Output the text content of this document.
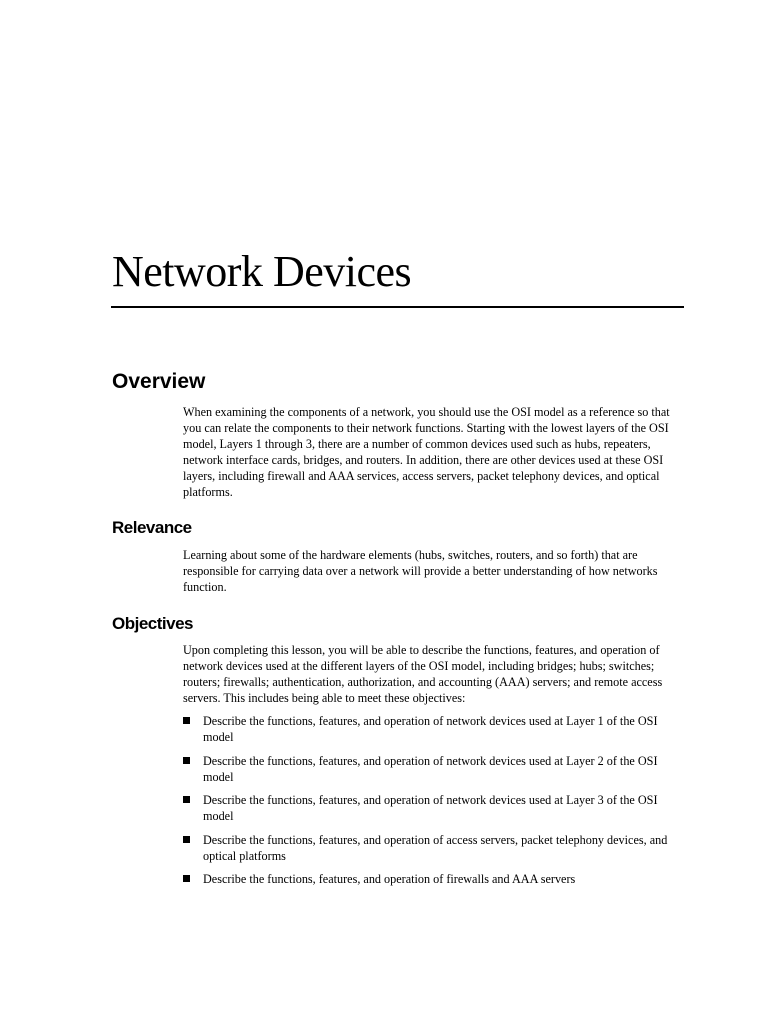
Network Devices
Overview

When examining the components of a network, you should use the OSI model as a reference so that you can relate the components to their network functions. Starting with the lowest layers of the OSI model, Layers 1 through 3, there are a number of common devices used such as hubs, repeaters, network interface cards, bridges, and routers. In addition, there are other devices used at these OSI layers, including firewall and AAA services, access servers, packet telephony devices, and optical platforms.

Relevance

Learning about some of the hardware elements (hubs, switches, routers, and so forth) that are responsible for carrying data over a network will provide a better understanding of how networks function.

Objectives

Upon completing this lesson, you will be able to describe the functions, features, and operation of network devices used at the different layers of the OSI model, including bridges; hubs; switches; routers; firewalls; authentication, authorization, and accounting (AAA) servers; and remote access servers. This includes being able to meet these objectives:

Describe the functions, features, and operation of network devices used at Layer 1 of the OSI model
Describe the functions, features, and operation of network devices used at Layer 2 of the OSI model
Describe the functions, features, and operation of network devices used at Layer 3 of the OSI model
Describe the functions, features, and operation of access servers, packet telephony devices, and optical platforms
Describe the functions, features, and operation of firewalls and AAA servers
